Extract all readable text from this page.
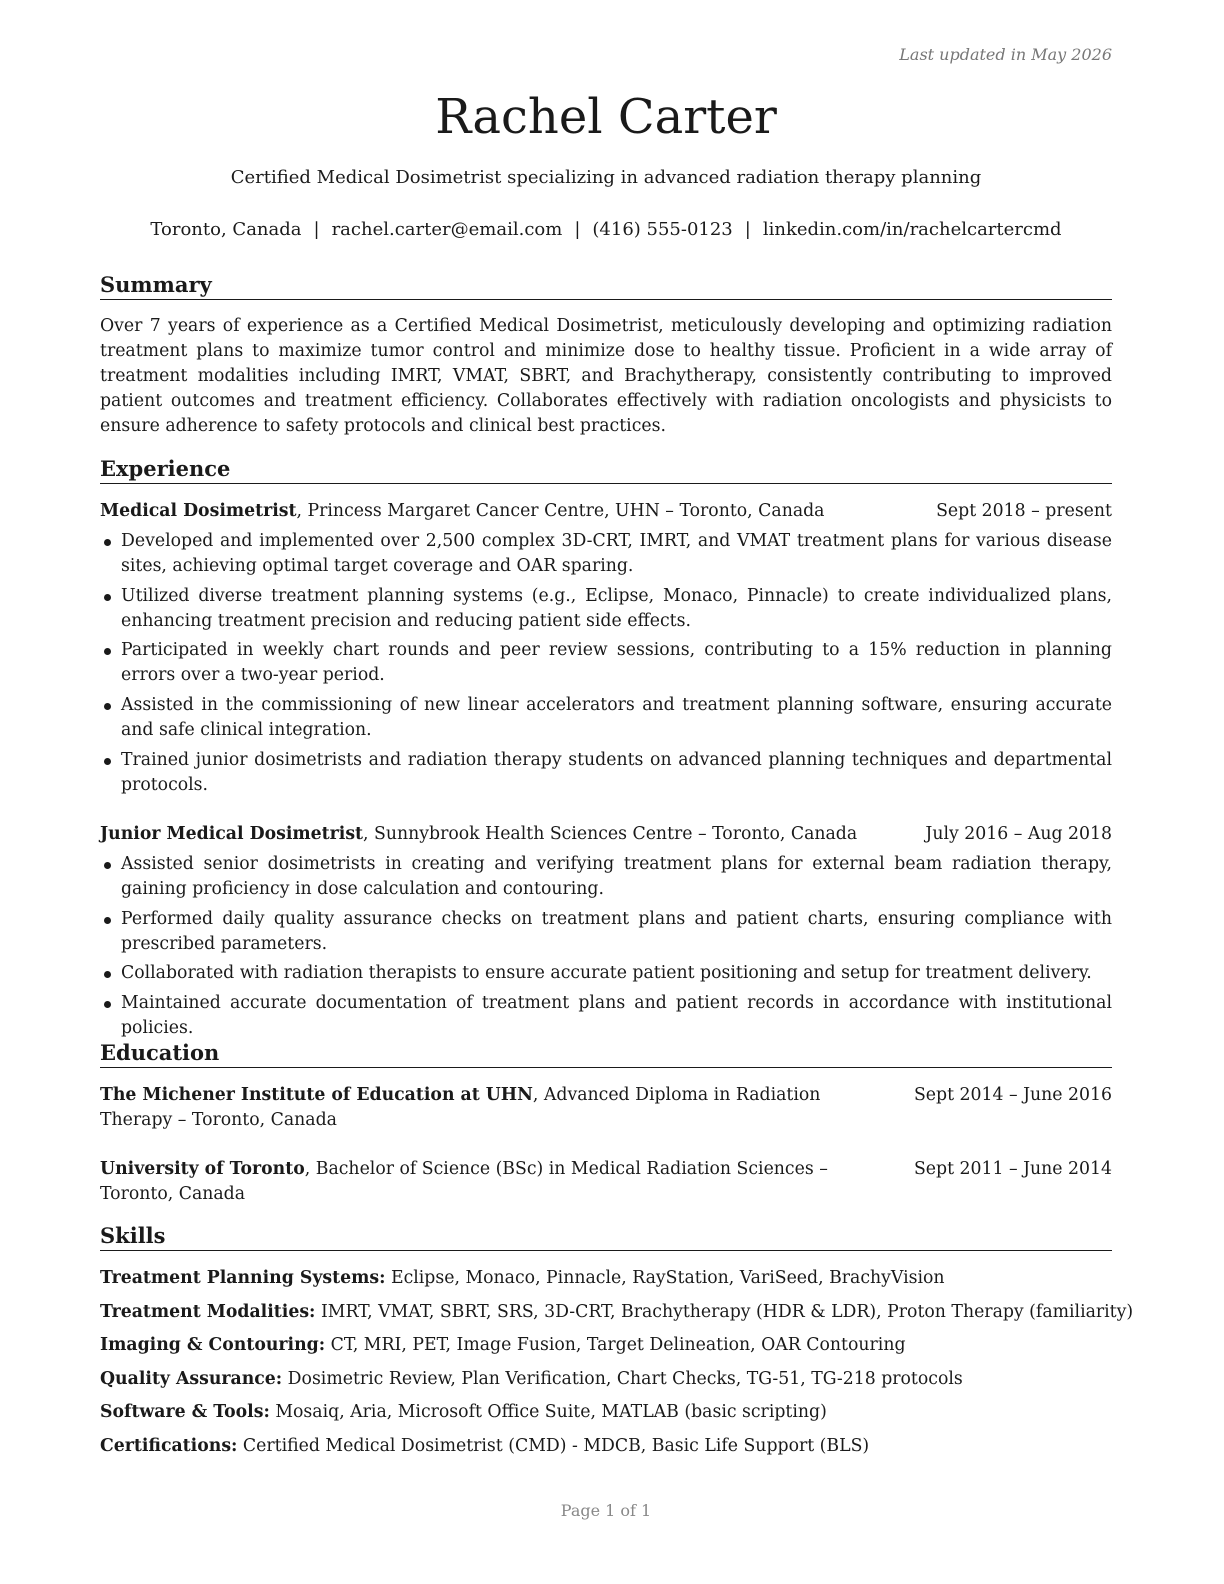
Last updated in May 2026
Rachel Carter
Certified Medical Dosimetrist specializing in advanced radiation therapy planning
Toronto, Canada | rachel.carter@email.com | (416) 555-0123 | linkedin.com/in/rachelcartercmd
Summary

Over 7 years of experience as a Certified Medical Dosimetrist, meticulously developing and optimizing radiation treatment plans to maximize tumor control and minimize dose to healthy tissue. Proficient in a wide array of treatment modalities including IMRT, VMAT, SBRT, and Brachytherapy, consistently contributing to improved patient outcomes and treatment efficiency. Collaborates effectively with radiation oncologists and physicists to ensure adherence to safety protocols and clinical best practices.

Experience
Medical Dosimetrist, Princess Margaret Cancer Centre, UHN – Toronto, Canada	Sept 2018 – present
Developed and implemented over 2,500 complex 3D-CRT, IMRT, and VMAT treatment plans for various disease sites, achieving optimal target coverage and OAR sparing.
Utilized diverse treatment planning systems (e.g., Eclipse, Monaco, Pinnacle) to create individualized plans, enhancing treatment precision and reducing patient side effects.
Participated in weekly chart rounds and peer review sessions, contributing to a 15% reduction in planning errors over a two-year period.
Assisted in the commissioning of new linear accelerators and treatment planning software, ensuring accurate and safe clinical integration.
Trained junior dosimetrists and radiation therapy students on advanced planning techniques and departmental protocols.
Junior Medical Dosimetrist, Sunnybrook Health Sciences Centre – Toronto, Canada	July 2016 – Aug 2018
Assisted senior dosimetrists in creating and verifying treatment plans for external beam radiation therapy, gaining proficiency in dose calculation and contouring.
Performed daily quality assurance checks on treatment plans and patient charts, ensuring compliance with prescribed parameters.
Collaborated with radiation therapists to ensure accurate patient positioning and setup for treatment delivery.
Maintained accurate documentation of treatment plans and patient records in accordance with institutional policies.
Education
The Michener Institute of Education at UHN, Advanced Diploma in Radiation Therapy – Toronto, Canada
Sept 2014 – June 2016
University of Toronto, Bachelor of Science (BSc) in Medical Radiation Sciences – Toronto, Canada
Sept 2011 – June 2014
Skills
Treatment Planning Systems: Eclipse, Monaco, Pinnacle, RayStation, VariSeed, BrachyVision
Treatment Modalities: IMRT, VMAT, SBRT, SRS, 3D-CRT, Brachytherapy (HDR & LDR), Proton Therapy (familiarity)
Imaging & Contouring: CT, MRI, PET, Image Fusion, Target Delineation, OAR Contouring
Quality Assurance: Dosimetric Review, Plan Verification, Chart Checks, TG-51, TG-218 protocols
Software & Tools: Mosaiq, Aria, Microsoft Office Suite, MATLAB (basic scripting)
Certifications: Certified Medical Dosimetrist (CMD) - MDCB, Basic Life Support (BLS)
Page 1 of 1
